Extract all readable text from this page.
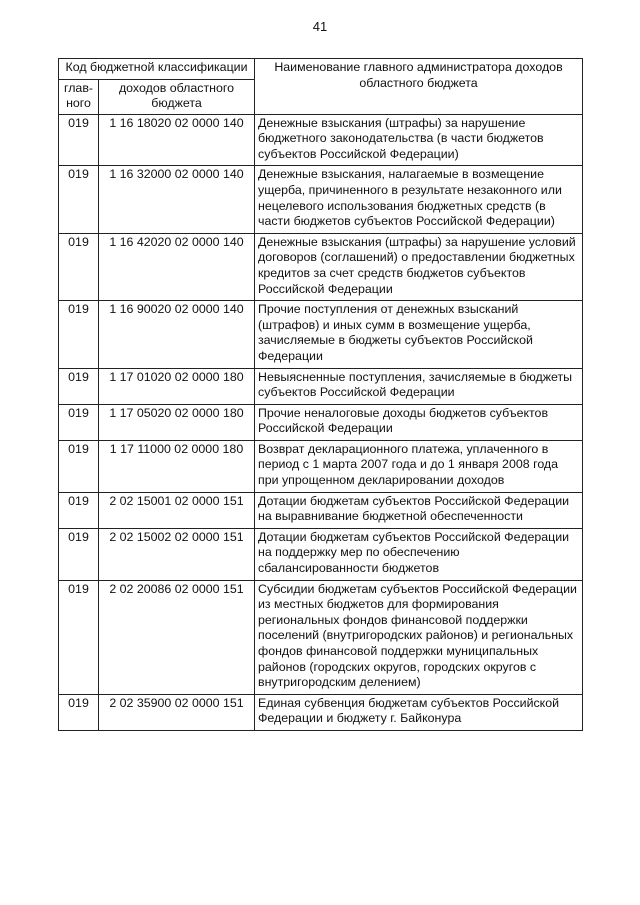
41
Код бюджетной классификации		Наименование главного администратора доходов областного бюджета
глав-
ного	доходов областного бюджета	
019	1 16 18020 02 0000 140	Денежные взыскания (штрафы) за нарушение бюджетного законодательства (в части бюджетов субъектов Российской Федерации)
019	1 16 32000 02 0000 140	Денежные взыскания, налагаемые в возмещение ущерба, причиненного в результате незаконного или нецелевого использования бюджетных средств (в части бюджетов субъектов Российской Федерации)
019	1 16 42020 02 0000 140	Денежные взыскания (штрафы) за нарушение условий договоров (соглашений) о предоставлении бюджетных кредитов за счет средств бюджетов субъектов Российской Федерации
019	1 16 90020 02 0000 140	Прочие поступления от денежных взысканий (штрафов) и иных сумм в возмещение ущерба, зачисляемые в бюджеты субъектов Российской Федерации
019	1 17 01020 02 0000 180	Невыясненные поступления, зачисляемые в бюджеты субъектов Российской Федерации
019	1 17 05020 02 0000 180	Прочие неналоговые доходы бюджетов субъектов Российской Федерации
019	1 17 11000 02 0000 180	Возврат декларационного платежа, уплаченного в период с 1 марта 2007 года и до 1 января 2008 года при упрощенном декларировании доходов
019	2 02 15001 02 0000 151	Дотации бюджетам субъектов Российской Федерации на выравнивание бюджетной обеспеченности
019	2 02 15002 02 0000 151	Дотации бюджетам субъектов Российской Федерации на поддержку мер по обеспечению сбалансированности бюджетов
019	2 02 20086 02 0000 151	Субсидии бюджетам субъектов Российской Федерации из местных бюджетов для формирования региональных фондов финансовой поддержки поселений (внутригородских районов) и региональных фондов финансовой поддержки муниципальных районов (городских округов, городских округов с внутригородским делением)
019	2 02 35900 02 0000 151	Единая субвенция бюджетам субъектов Российской Федерации и бюджету г. Байконура
